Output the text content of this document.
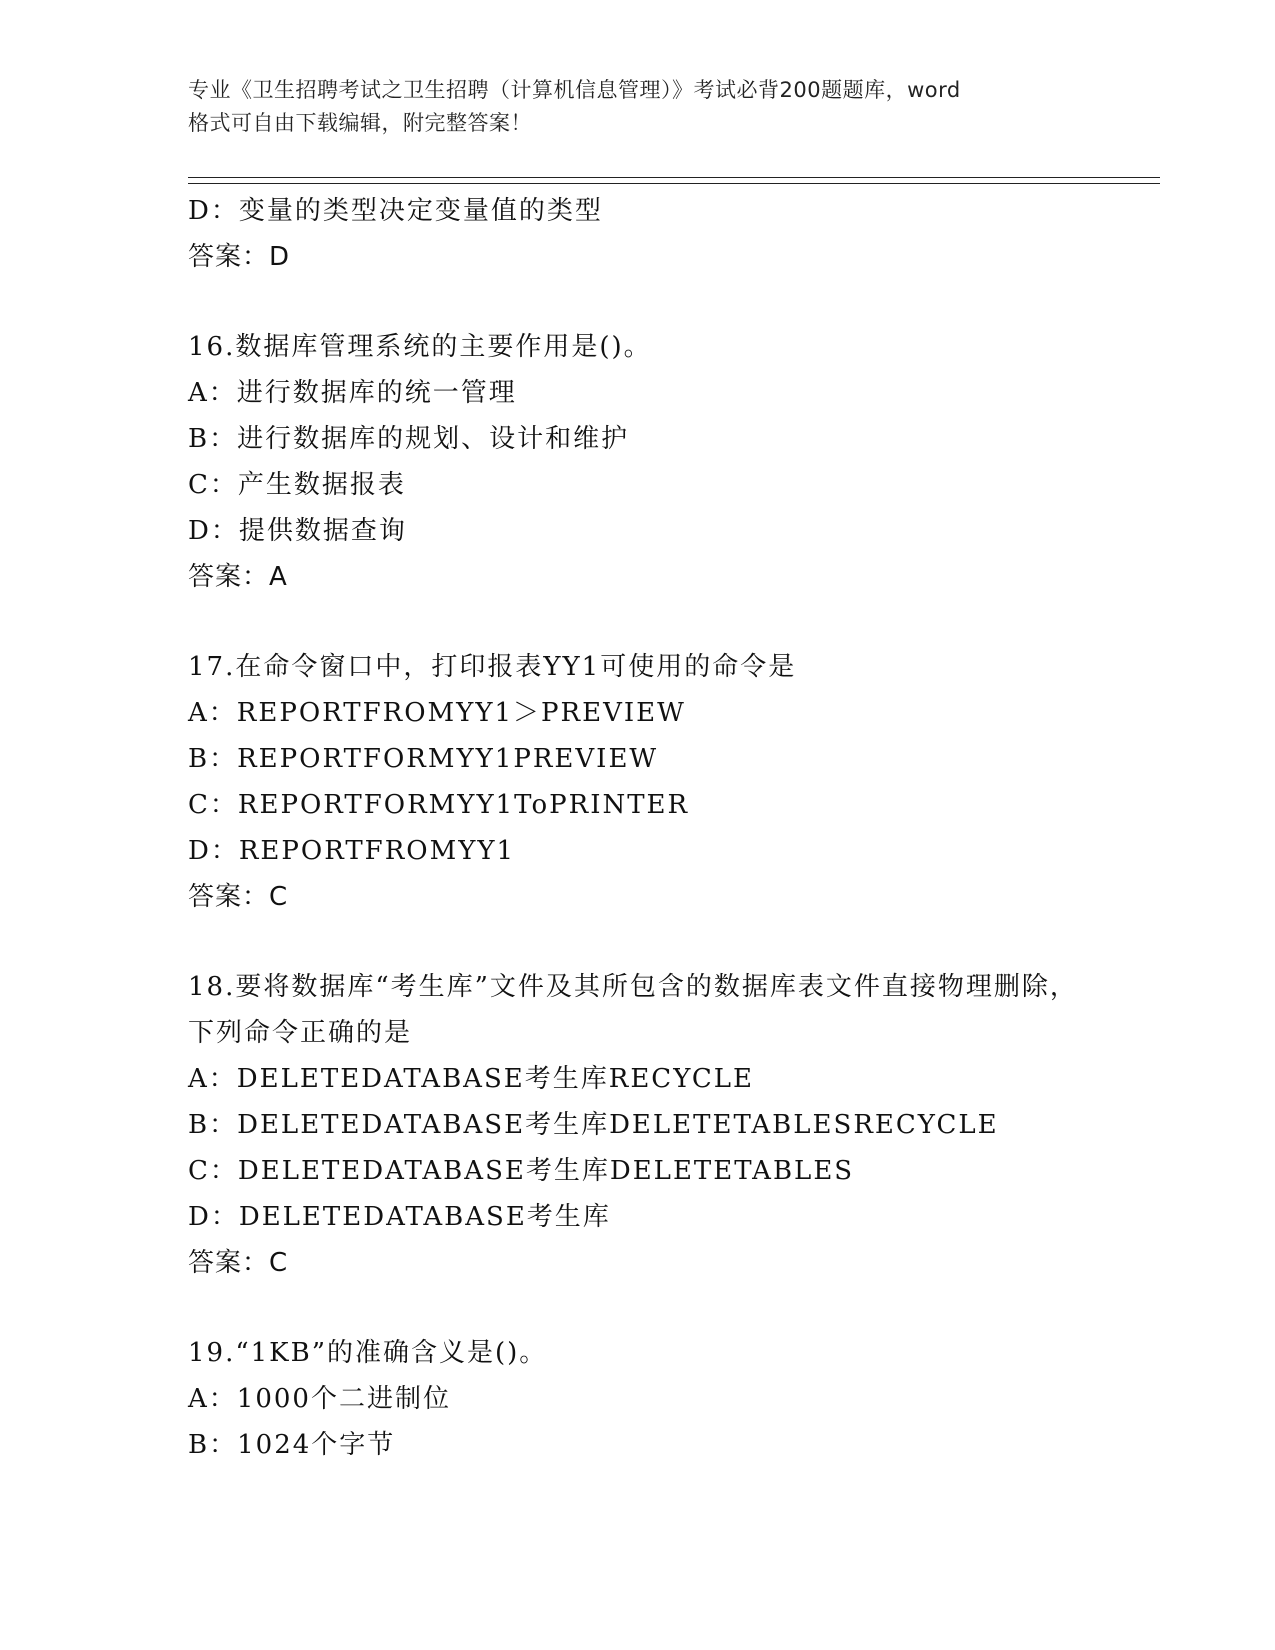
专业《卫生招聘考试之卫生招聘（计算机信息管理）》考试必背200题题库，word
格式可自由下载编辑，附完整答案！
D：变量的类型决定变量值的类型
答案：D
16.数据库管理系统的主要作用是()。
A：进行数据库的统一管理
B：进行数据库的规划、设计和维护
C：产生数据报表
D：提供数据查询
答案：A
17.在命令窗口中，打印报表YY1可使用的命令是
A：REPORTFROMYY1＞PREVIEW
B：REPORTFORMYY1PREVIEW
C：REPORTFORMYY1ToPRINTER
D：REPORTFROMYY1
答案：C
18.要将数据库“考生库”文件及其所包含的数据库表文件直接物理删除，下列命令正确的是
A：DELETEDATABASE考生库RECYCLE
B：DELETEDATABASE考生库DELETETABLESRECYCLE
C：DELETEDATABASE考生库DELETETABLES
D：DELETEDATABASE考生库
答案：C
19.“1KB”的准确含义是()。
A：1000个二进制位
B：1024个字节
